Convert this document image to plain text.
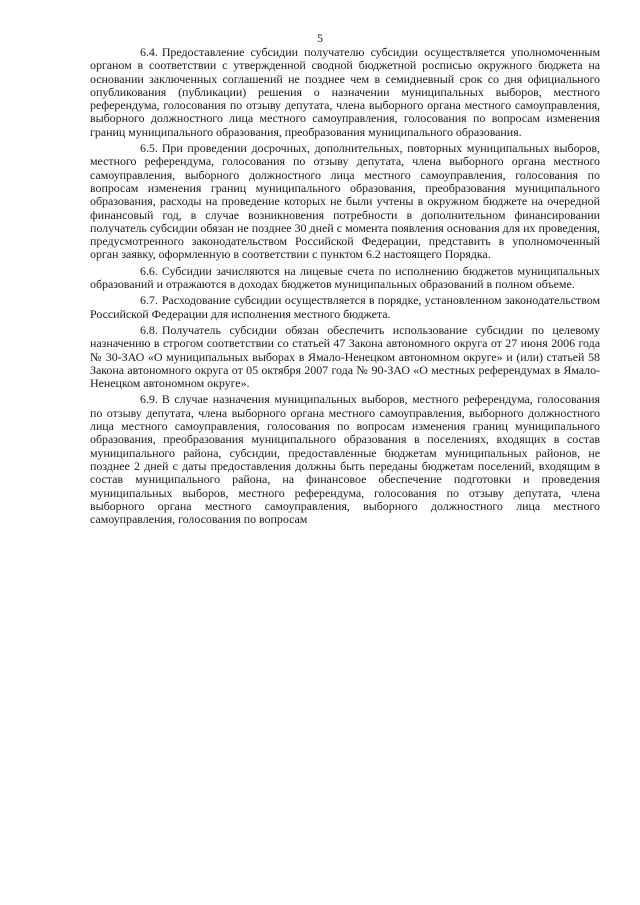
5

6.4. Предоставление субсидии получателю субсидии осуществляется уполномоченным органом в соответствии с утвержденной сводной бюджетной росписью окружного бюджета на основании заключенных соглашений не позднее чем в семидневный срок со дня официального опубликования (публикации) решения о назначении муниципальных выборов, местного референдума, голосования по отзыву депутата, члена выборного органа местного самоуправления, выборного должностного лица местного самоуправления, голосования по вопросам изменения границ муниципального образования, преобразования муниципального образования.

6.5. При проведении досрочных, дополнительных, повторных муниципальных выборов, местного референдума, голосования по отзыву депутата, члена выборного органа местного самоуправления, выборного должностного лица местного самоуправления, голосования по вопросам изменения границ муниципального образования, преобразования муниципального образования, расходы на проведение которых не были учтены в окружном бюджете на очередной финансовый год, в случае возникновения потребности в дополнительном финансировании получатель субсидии обязан не позднее 30 дней с момента появления основания для их проведения, предусмотренного законодательством Российской Федерации, представить в уполномоченный орган заявку, оформленную в соответствии с пунктом 6.2 настоящего Порядка.

6.6. Субсидии зачисляются на лицевые счета по исполнению бюджетов муниципальных образований и отражаются в доходах бюджетов муниципальных образований в полном объеме.

6.7. Расходование субсидии осуществляется в порядке, установленном законодательством Российской Федерации для исполнения местного бюджета.

6.8. Получатель субсидии обязан обеспечить использование субсидии по целевому назначению в строгом соответствии со статьей 47 Закона автономного округа от 27 июня 2006 года № 30-ЗАО «О муниципальных выборах в Ямало-Ненецком автономном округе» и (или) статьей 58 Закона автономного округа от 05 октября 2007 года № 90-ЗАО «О местных референдумах в Ямало-Ненецком автономном округе».

6.9. В случае назначения муниципальных выборов, местного референдума, голосования по отзыву депутата, члена выборного органа местного самоуправления, выборного должностного лица местного самоуправления, голосования по вопросам изменения границ муниципального образования, преобразования муниципального образования в поселениях, входящих в состав муниципального района, субсидии, предоставленные бюджетам муниципальных районов, не позднее 2 дней с даты предоставления должны быть переданы бюджетам поселений, входящим в состав муниципального района, на финансовое обеспечение подготовки и проведения муниципальных выборов, местного референдума, голосования по отзыву депутата, члена выборного органа местного самоуправления, выборного должностного лица местного самоуправления, голосования по вопросам
